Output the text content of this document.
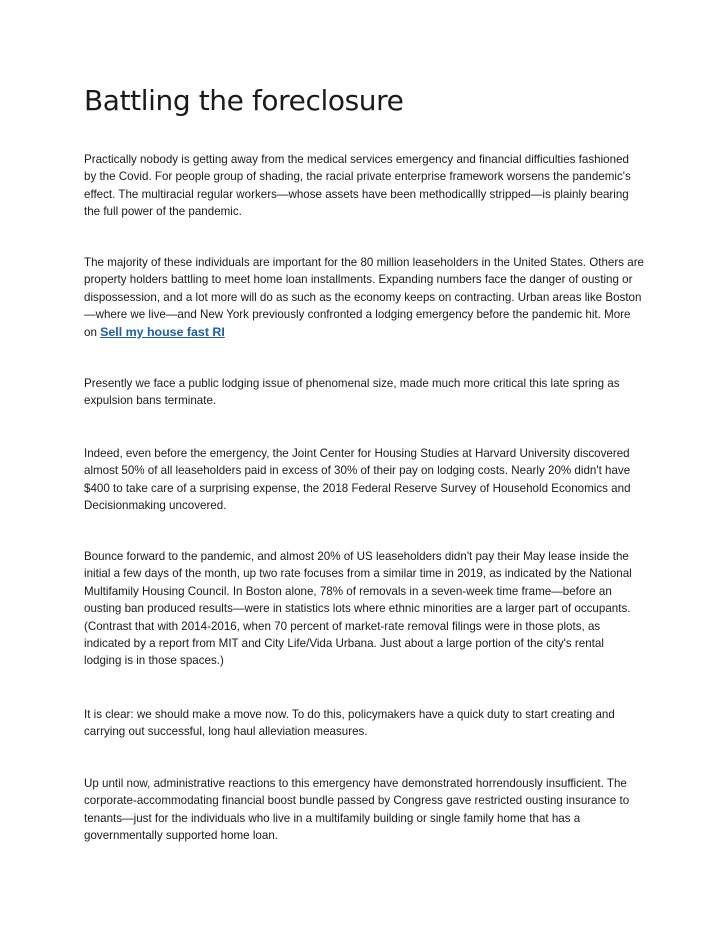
Battling the foreclosure

Practically nobody is getting away from the medical services emergency and financial difficulties fashioned by the Covid. For people group of shading, the racial private enterprise framework worsens the pandemic's effect. The multiracial regular workers—whose assets have been methodicallly stripped—is plainly bearing the full power of the pandemic.

The majority of these individuals are important for the 80 million leaseholders in the United States. Others are property holders battling to meet home loan installments. Expanding numbers face the danger of ousting or dispossession, and a lot more will do as such as the economy keeps on contracting. Urban areas like Boston—where we live—and New York previously confronted a lodging emergency before the pandemic hit. More on Sell my house fast RI

Presently we face a public lodging issue of phenomenal size, made much more critical this late spring as expulsion bans terminate.

Indeed, even before the emergency, the Joint Center for Housing Studies at Harvard University discovered almost 50% of all leaseholders paid in excess of 30% of their pay on lodging costs. Nearly 20% didn't have $400 to take care of a surprising expense, the 2018 Federal Reserve Survey of Household Economics and Decisionmaking uncovered.

Bounce forward to the pandemic, and almost 20% of US leaseholders didn't pay their May lease inside the initial a few days of the month, up two rate focuses from a similar time in 2019, as indicated by the National Multifamily Housing Council. In Boston alone, 78% of removals in a seven-week time frame—before an ousting ban produced results—were in statistics lots where ethnic minorities are a larger part of occupants. (Contrast that with 2014-2016, when 70 percent of market-rate removal filings were in those plots, as indicated by a report from MIT and City Life/Vida Urbana. Just about a large portion of the city's rental lodging is in those spaces.)

It is clear: we should make a move now. To do this, policymakers have a quick duty to start creating and carrying out successful, long haul alleviation measures.

Up until now, administrative reactions to this emergency have demonstrated horrendously insufficient. The corporate-accommodating financial boost bundle passed by Congress gave restricted ousting insurance to tenants—just for the individuals who live in a multifamily building or single family home that has a governmentally supported home loan.
